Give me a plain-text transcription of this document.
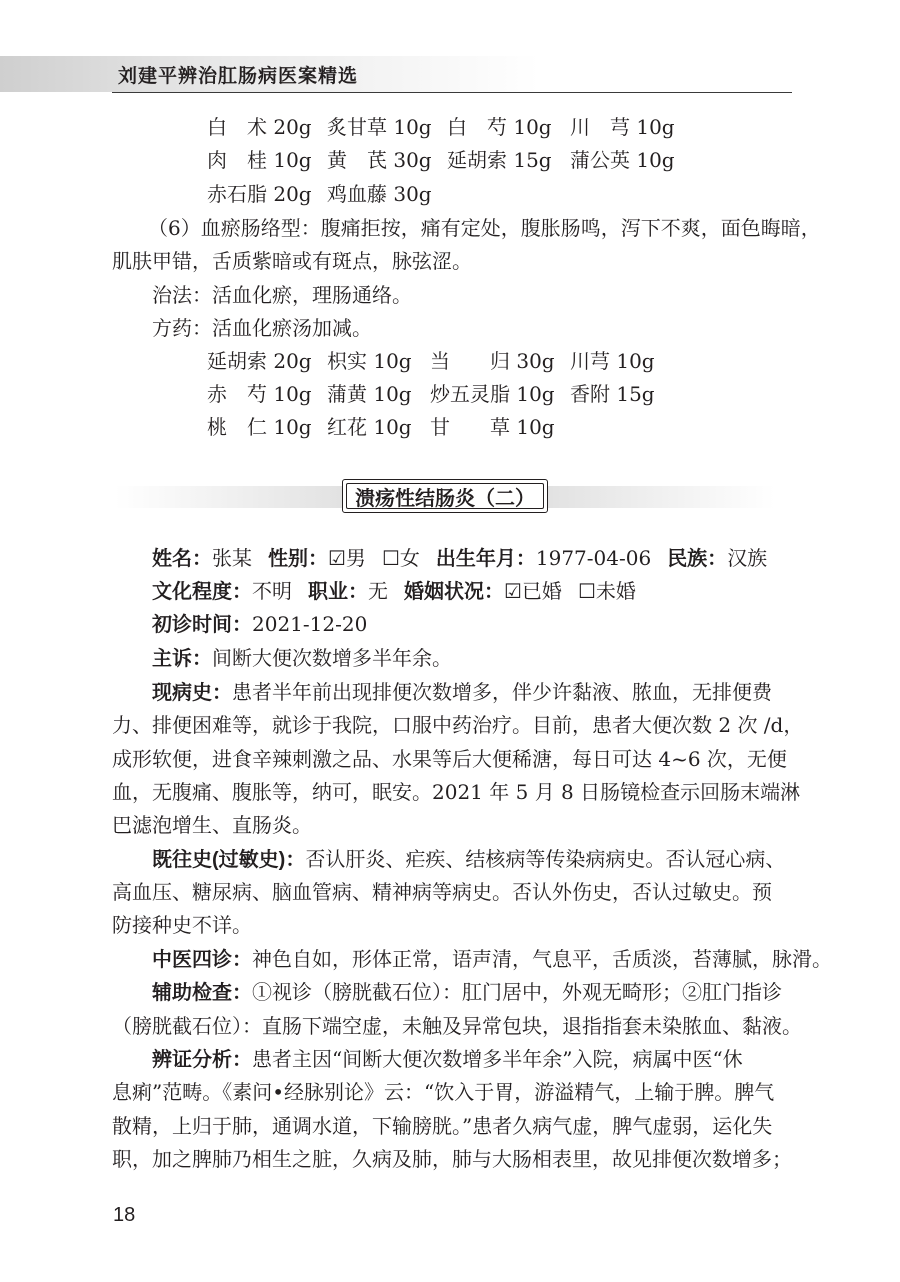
刘建平辨治肛肠病医案精选
白　术 20g 炙甘草 10g 白　芍 10g 川　芎 10g
肉　桂 10g 黄　芪 30g 延胡索 15g 蒲公英 10g
赤石脂 20g 鸡血藤 30g
（6）血瘀肠络型：腹痛拒按，痛有定处，腹胀肠鸣，泻下不爽，面色晦暗，
肌肤甲错，舌质紫暗或有斑点，脉弦涩。
治法：活血化瘀，理肠通络。
方药：活血化瘀汤加减。
延胡索 20g 枳实 10g 当　　归 30g 川芎 10g
赤　芍 10g 蒲黄 10g 炒五灵脂 10g 香附 15g
桃　仁 10g 红花 10g 甘　　草 10g
溃疡性结肠炎（二）
姓名：张某 性别：☑男 ☐女 出生年月：1977-04-06 民族：汉族
文化程度：不明 职业：无 婚姻状况：☑已婚 ☐未婚
初诊时间：2021-12-20
主诉：间断大便次数增多半年余。
现病史：患者半年前出现排便次数增多，伴少许黏液、脓血，无排便费
力、排便困难等，就诊于我院，口服中药治疗。目前，患者大便次数 2 次 /d，
成形软便，进食辛辣刺激之品、水果等后大便稀溏，每日可达 4~6 次，无便
血，无腹痛、腹胀等，纳可，眠安。2021 年 5 月 8 日肠镜检查示回肠末端淋
巴滤泡增生、直肠炎。
既往史(过敏史)：否认肝炎、疟疾、结核病等传染病病史。否认冠心病、
高血压、糖尿病、脑血管病、精神病等病史。否认外伤史，否认过敏史。预
防接种史不详。
中医四诊：神色自如，形体正常，语声清，气息平，舌质淡，苔薄腻，脉滑。
辅助检查：①视诊（膀胱截石位）：肛门居中，外观无畸形；②肛门指诊
（膀胱截石位）：直肠下端空虚，未触及异常包块，退指指套未染脓血、黏液。
辨证分析：患者主因“间断大便次数增多半年余”入院，病属中医“休
息痢”范畴。《素问•经脉别论》云：“饮入于胃，游溢精气，上输于脾。脾气
散精，上归于肺，通调水道，下输膀胱。”患者久病气虚，脾气虚弱，运化失
职，加之脾肺乃相生之脏，久病及肺，肺与大肠相表里，故见排便次数增多；
18
